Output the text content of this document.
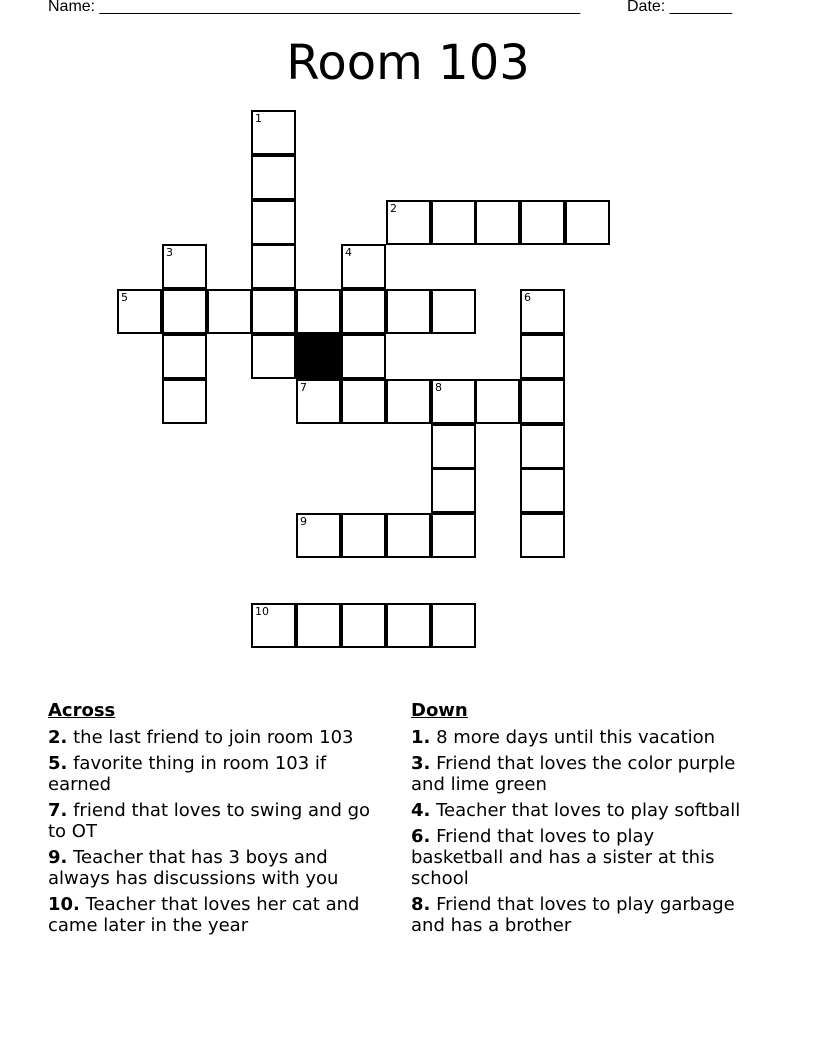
Name: ______________________________________________________	Date: _______
Room 103
1
2
3	4
5	6
7	8
9
10
Across
2. the last friend to join room 103
5. favorite thing in room 103 if earned
7. friend that loves to swing and go to OT
9. Teacher that has 3 boys and always has discussions with you
10. Teacher that loves her cat and came later in the year
Down
1. 8 more days until this vacation
3. Friend that loves the color purple and lime green
4. Teacher that loves to play softball
6. Friend that loves to play basketball and has a sister at this school
8. Friend that loves to play garbage and has a brother
